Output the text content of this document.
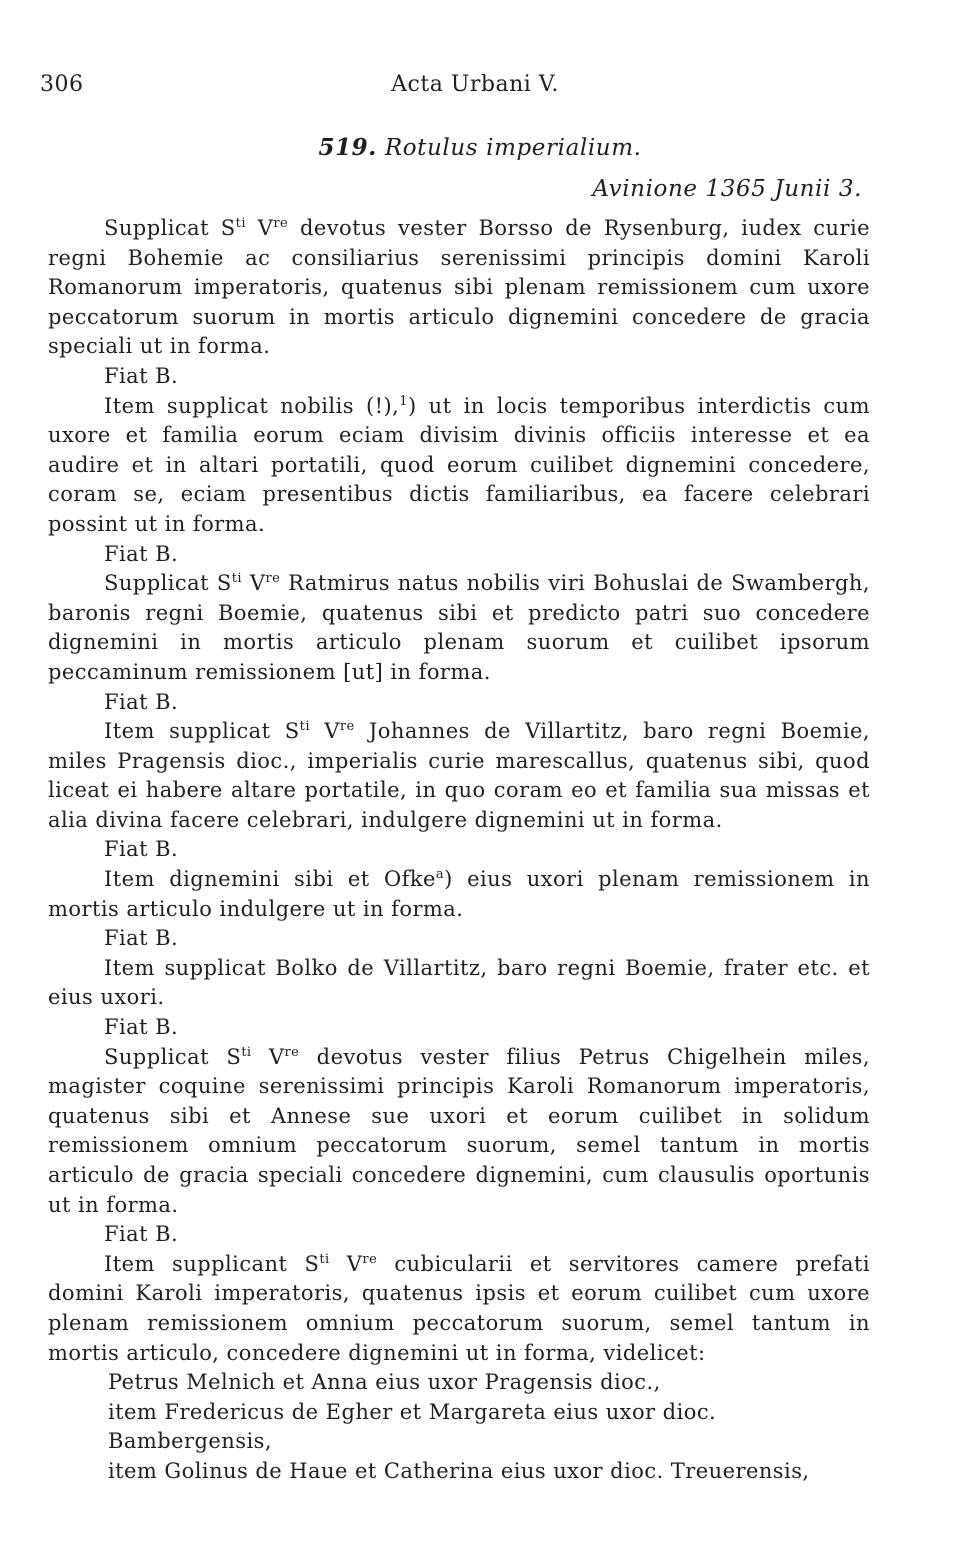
306	Acta Urbani V.
519. Rotulus imperialium.
Avinione 1365 Junii 3.

Supplicat $S^{ti}$ Vre devotus vester Borsso de Rysenburg, iudex curie regni Bohemie ac consiliarius serenissimi principis domini Karoli Romanorum imperatoris, quatenus sibi plenam remissionem cum uxore peccatorum suorum in mortis articulo dignemini concedere de gracia speciali ut in forma.

Fiat B.

Item supplicat nobilis (!),$^1$) ut in locis temporibus interdictis cum uxore et familia eorum eciam divisim divinis officiis interesse et ea audire et in altari portatili, quod eorum cuilibet dignemini concedere, coram se, eciam presentibus dictis familiaribus, ea facere celebrari possint ut in forma.

Fiat B.

Supplicat $S^{ti}$ Vre Ratmirus natus nobilis viri Bohuslai de Swambergh, baronis regni Boemie, quatenus sibi et predicto patri suo concedere dignemini in mortis articulo plenam suorum et cuilibet ipsorum peccaminum remissionem [ut] in forma.

Fiat B.

Item supplicat $S^{ti}$ Vre Johannes de Villartitz, baro regni Boemie, miles Pragensis dioc., imperialis curie marescallus, quatenus sibi, quod liceat ei habere altare portatile, in quo coram eo et familia sua missas et alia divina facere celebrari, indulgere dignemini ut in forma.

Fiat B.

Item dignemini sibi et Ofke$^a$) eius uxori plenam remissionem in mortis articulo indulgere ut in forma.

Fiat B.

Item supplicat Bolko de Villartitz, baro regni Boemie, frater etc. et eius uxori.

Fiat B.

Supplicat $S^{ti}$ Vre devotus vester filius Petrus Chigelhein miles, magister coquine serenissimi principis Karoli Romanorum imperatoris, quatenus sibi et Annese sue uxori et eorum cuilibet in solidum remissionem omnium peccatorum suorum, semel tantum in mortis articulo de gracia speciali concedere dignemini, cum clausulis oportunis ut in forma.

Fiat B.

Item supplicant $S^{ti}$ Vre cubicularii et servitores camere prefati domini Karoli imperatoris, quatenus ipsis et eorum cuilibet cum uxore plenam remissionem omnium peccatorum suorum, semel tantum in mortis articulo, concedere dignemini ut in forma, videlicet:

Petrus Melnich et Anna eius uxor Pragensis dioc.,

item Fredericus de Egher et Margareta eius uxor dioc. Bambergensis,

item Golinus de Haue et Catherina eius uxor dioc. Treuerensis,
